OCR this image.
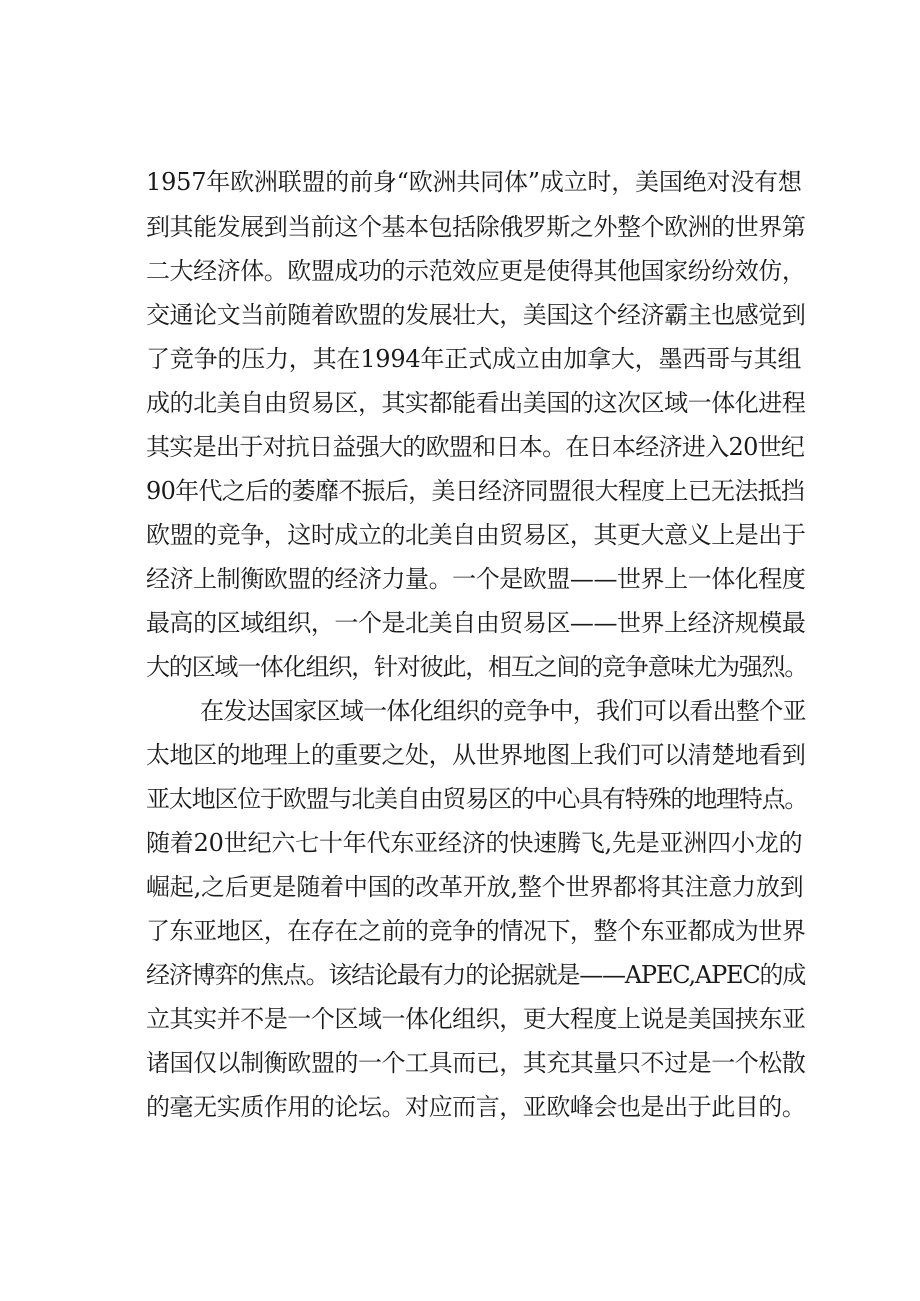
1957年欧洲联盟的前身“欧洲共同体”成立时，美国绝对没有想
到其能发展到当前这个基本包括除俄罗斯之外整个欧洲的世界第
二大经济体。欧盟成功的示范效应更是使得其他国家纷纷效仿，
交通论文当前随着欧盟的发展壮大，美国这个经济霸主也感觉到
了竞争的压力，其在1994年正式成立由加拿大，墨西哥与其组
成的北美自由贸易区，其实都能看出美国的这次区域一体化进程
其实是出于对抗日益强大的欧盟和日本。在日本经济进入20世纪
90年代之后的萎靡不振后，美日经济同盟很大程度上已无法抵挡
欧盟的竞争，这时成立的北美自由贸易区，其更大意义上是出于
经济上制衡欧盟的经济力量。一个是欧盟——世界上一体化程度
最高的区域组织，一个是北美自由贸易区——世界上经济规模最
大的区域一体化组织，针对彼此，相互之间的竞争意味尤为强烈。
在发达国家区域一体化组织的竞争中，我们可以看出整个亚
太地区的地理上的重要之处，从世界地图上我们可以清楚地看到
亚太地区位于欧盟与北美自由贸易区的中心具有特殊的地理特点。
随着20世纪六七十年代东亚经济的快速腾飞,先是亚洲四小龙的
崛起,之后更是随着中国的改革开放,整个世界都将其注意力放到
了东亚地区，在存在之前的竞争的情况下，整个东亚都成为世界
经济博弈的焦点。该结论最有力的论据就是——APEC,APEC的成
立其实并不是一个区域一体化组织，更大程度上说是美国挟东亚
诸国仅以制衡欧盟的一个工具而已，其充其量只不过是一个松散
的毫无实质作用的论坛。对应而言，亚欧峰会也是出于此目的。
